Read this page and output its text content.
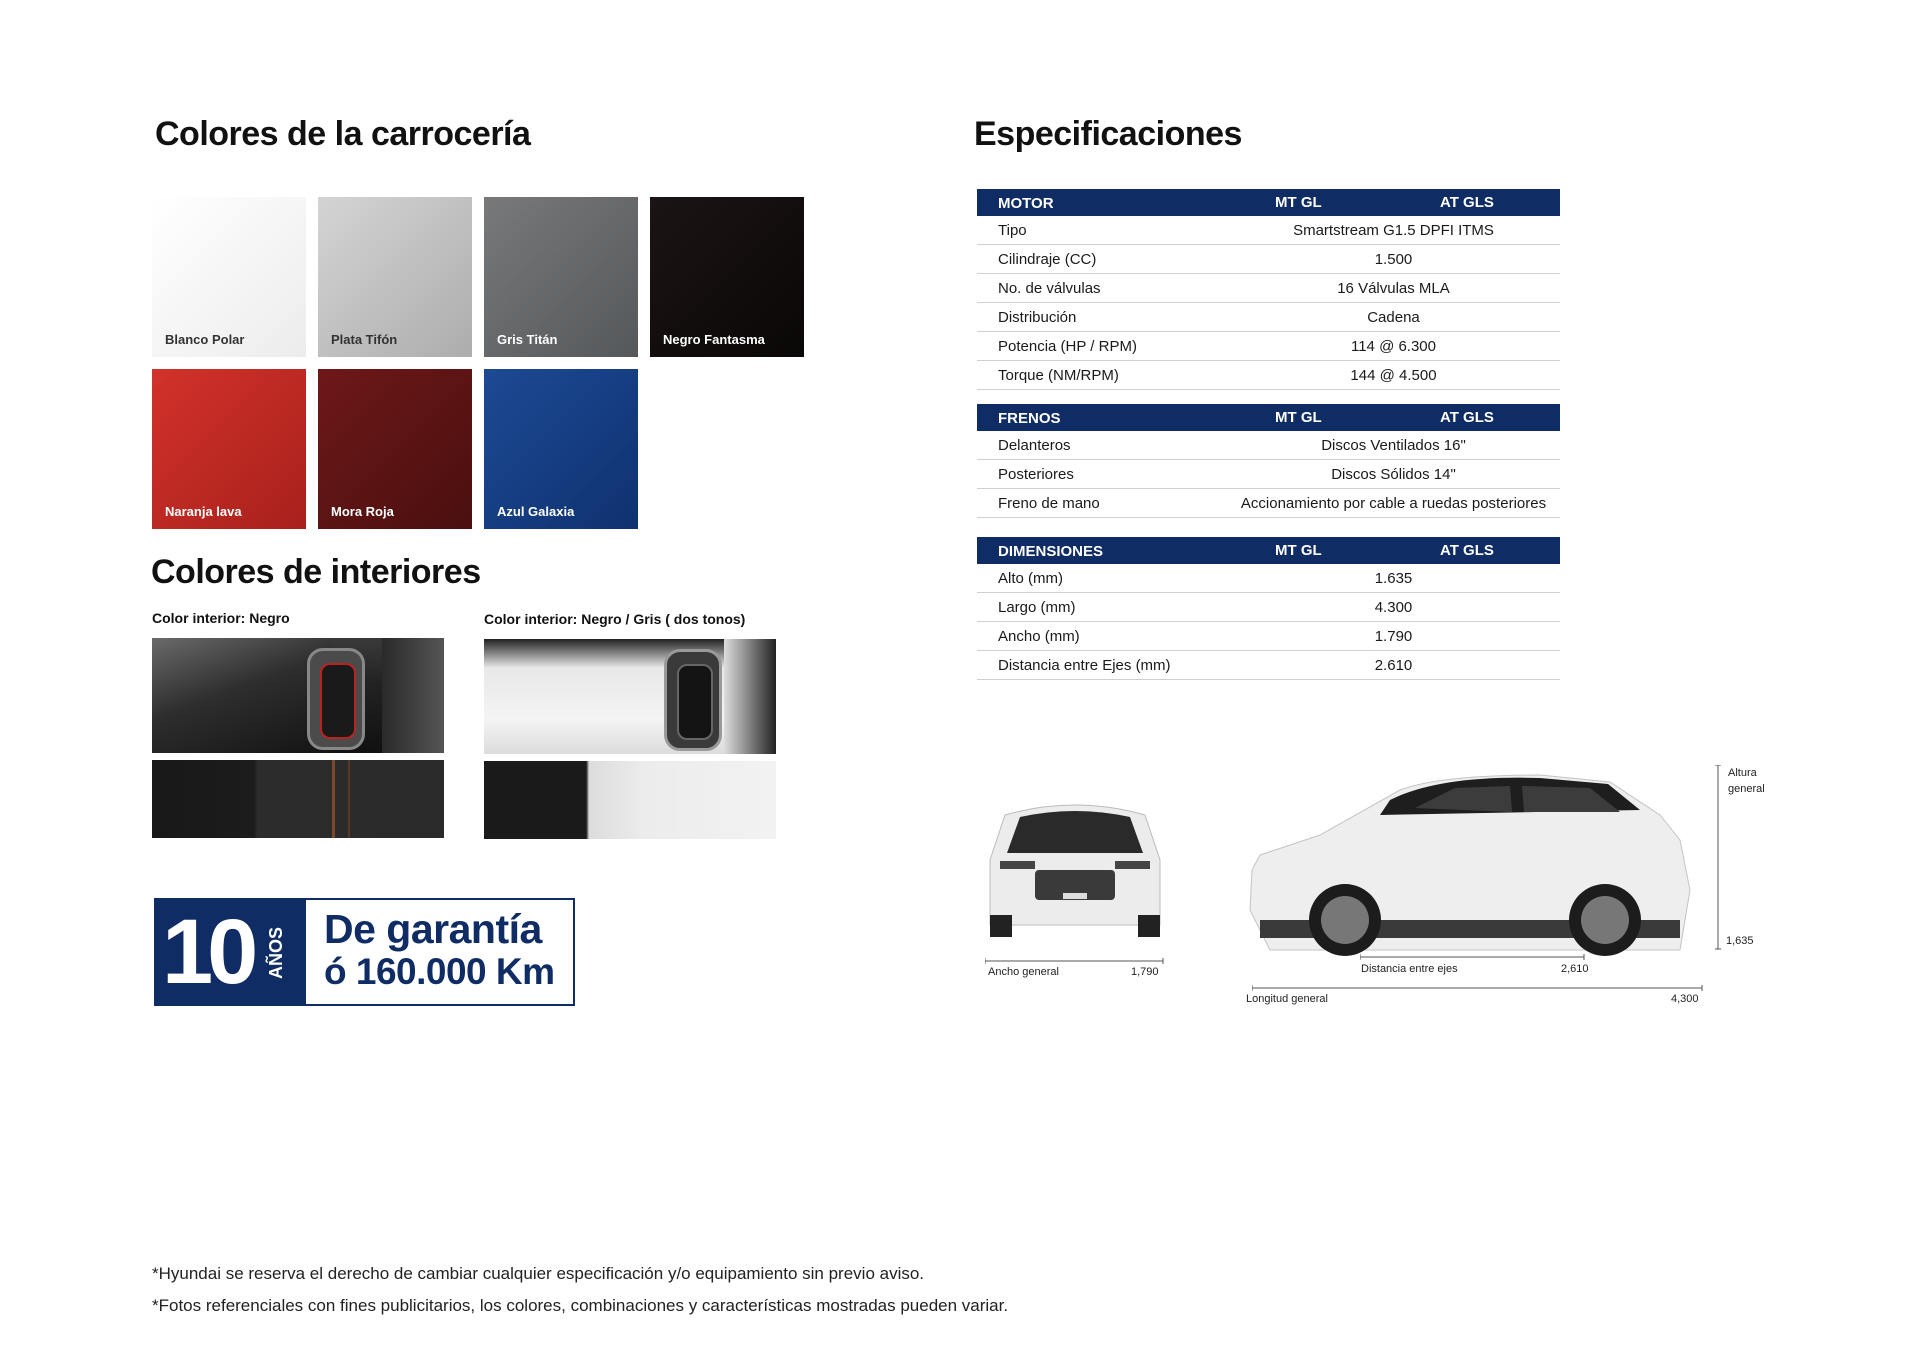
Colores de la carrocería
Blanco Polar	Plata Tifón	Gris Titán	Negro Fantasma
Naranja lava	Mora Roja	Azul Galaxia
Colores de interiores
Color interior: Negro	Color interior: Negro / Gris ( dos tonos)
10 AÑOS De garantía
ó 160.000 Km
Especificaciones
MOTOR	MT GL	AT GLS
Tipo	Smartstream G1.5 DPFI ITMS
Cilindraje (CC)	1.500
No. de válvulas	16 Válvulas MLA
Distribución	Cadena
Potencia (HP / RPM)	114 @ 6.300
Torque (NM/RPM)	144 @ 4.500
FRENOS	MT GL	AT GLS
Delanteros	Discos Ventilados 16"
Posteriores	Discos Sólidos 14"
Freno de mano	Accionamiento por cable a ruedas posteriores
DIMENSIONES	MT GL	AT GLS
Alto (mm)	1.635
Largo (mm)	4.300
Ancho (mm)	1.790
Distancia entre Ejes (mm)	2.610
Ancho general	1,790
Altura
general
1,635
Distancia entre ejes	2,610
Longitud general	4,300
*Hyundai se reserva el derecho de cambiar cualquier especificación y/o equipamiento sin previo aviso.
*Fotos referenciales con fines publicitarios, los colores, combinaciones y características mostradas pueden variar.
